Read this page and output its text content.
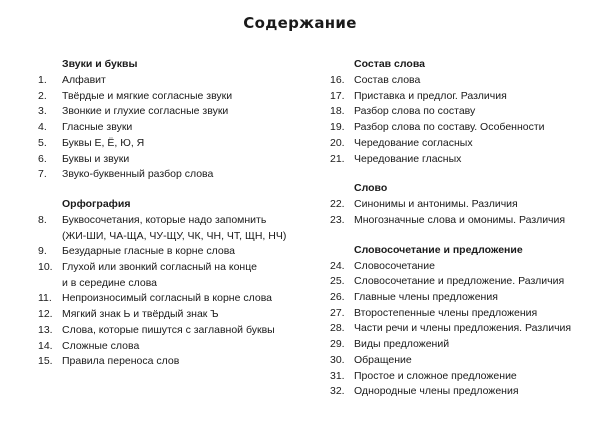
Содержание
Звуки и буквы
1.	Алфавит
2.	Твёрдые и мягкие согласные звуки
3.	Звонкие и глухие согласные звуки
4.	Гласные звуки
5.	Буквы Е, Ё, Ю, Я
6.	Буквы и звуки
7.	Звуко-буквенный разбор слова
Орфография
8.	Буквосочетания, которые надо запомнить
(ЖИ-ШИ, ЧА-ЩА, ЧУ-ЩУ, ЧК, ЧН, ЧТ, ЩН, НЧ)
9.	Безударные гласные в корне слова
10. Глухой или звонкий согласный на конце
и в середине слова
11. Непроизносимый согласный в корне слова
12. Мягкий знак Ь и твёрдый знак Ъ
13. Слова, которые пишутся с заглавной буквы
14. Сложные слова
15. Правила переноса слов
Состав слова
16. Состав слова
17. Приставка и предлог. Различия
18. Разбор слова по составу
19. Разбор слова по составу. Особенности
20. Чередование согласных
21. Чередование гласных
Слово
22. Синонимы и антонимы. Различия
23. Многозначные слова и омонимы. Различия
Словосочетание и предложение
24. Словосочетание
25. Словосочетание и предложение. Различия
26. Главные члены предложения
27. Второстепенные члены предложения
28. Части речи и члены предложения. Различия
29. Виды предложений
30. Обращение
31. Простое и сложное предложение
32. Однородные члены предложения
